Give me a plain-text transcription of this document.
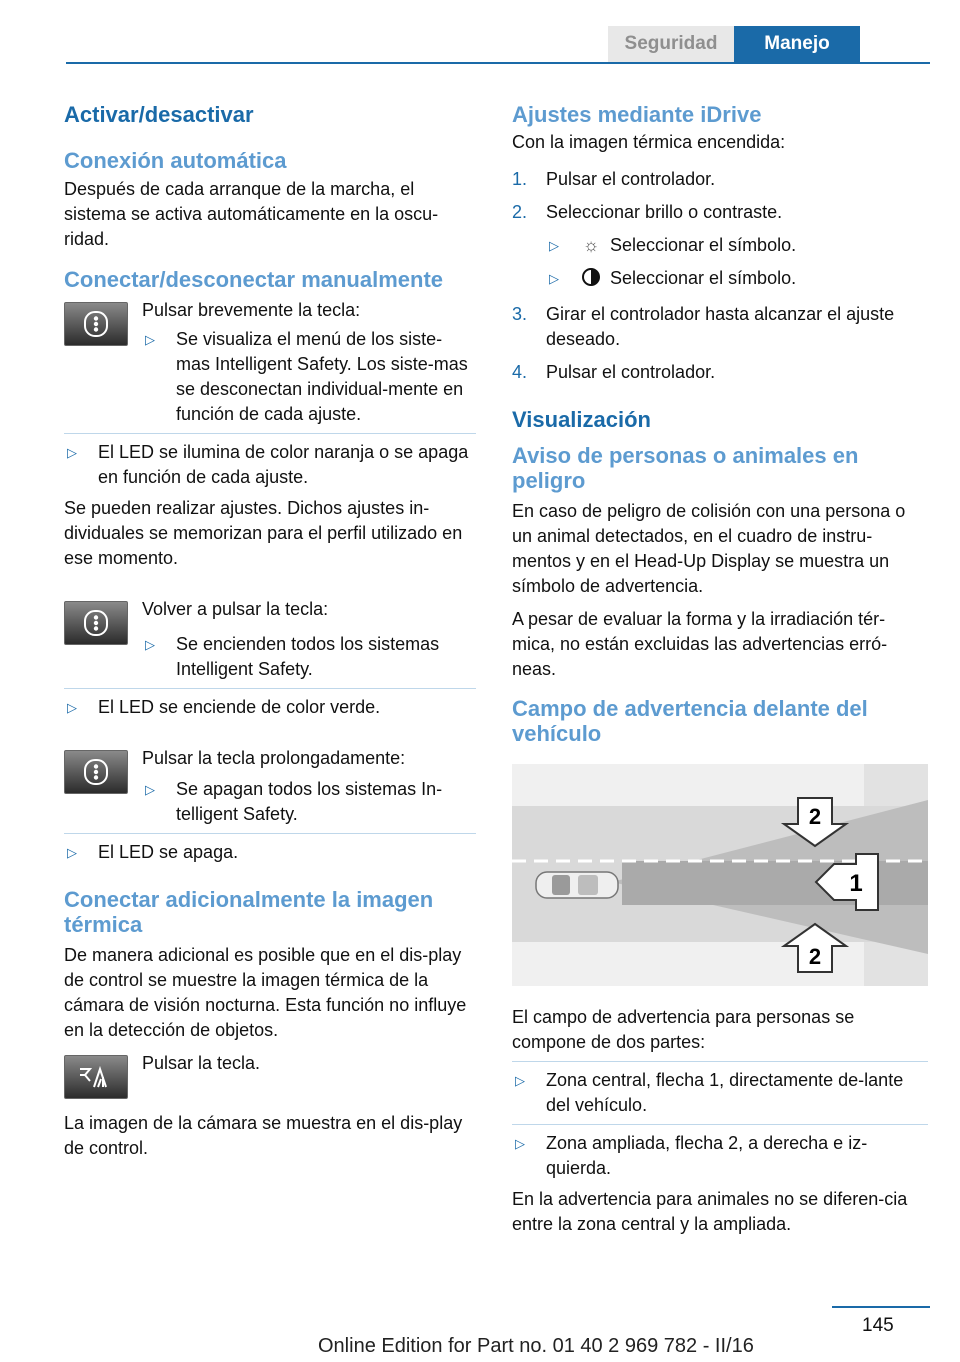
Seguridad	Manejo
Activar/desactivar
Conexión automática

Después de cada arranque de la marcha, el sistema se activa automáticamente en la oscu-ridad.

Conectar/desconectar manualmente

Pulsar brevemente la tecla:

▷ Se visualiza el menú de los siste-mas Intelligent Safety. Los siste-mas se desconectan individual-mente en función de cada ajuste.
▷ El LED se ilumina de color naranja o se apaga en función de cada ajuste.

Se pueden realizar ajustes. Dichos ajustes in-dividuales se memorizan para el perfil utilizado en ese momento.

Volver a pulsar la tecla:

▷ Se encienden todos los sistemas Intelligent Safety.
▷ El LED se enciende de color verde.

Pulsar la tecla prolongadamente:

▷ Se apagan todos los sistemas In-telligent Safety.
▷ El LED se apaga.
Conectar adicionalmente la imagen térmica

De manera adicional es posible que en el dis-play de control se muestre la imagen térmica de la cámara de visión nocturna. Esta función no influye en la detección de objetos.

Pulsar la tecla.

La imagen de la cámara se muestra en el dis-play de control.

Ajustes mediante iDrive

Con la imagen térmica encendida:

1. Pulsar el controlador.
2. Seleccionar brillo o contraste.
▷ ☼ Seleccionar el símbolo.
▷	Seleccionar el símbolo.
3. Girar el controlador hasta alcanzar el ajuste deseado.
4. Pulsar el controlador.
Visualización
Aviso de personas o animales en peligro

En caso de peligro de colisión con una persona o un animal detectados, en el cuadro de instru-mentos y en el Head-Up Display se muestra un símbolo de advertencia.

A pesar de evaluar la forma y la irradiación tér-mica, no están excluidas las advertencias erró-neas.

Campo de advertencia delante del vehículo
1
2
2

El campo de advertencia para personas se compone de dos partes:

▷ Zona central, flecha 1, directamente de-lante del vehículo.
▷ Zona ampliada, flecha 2, a derecha e iz-quierda.

En la advertencia para animales no se diferen-cia entre la zona central y la ampliada.

145
Online Edition for Part no. 01 40 2 969 782 - II/16
